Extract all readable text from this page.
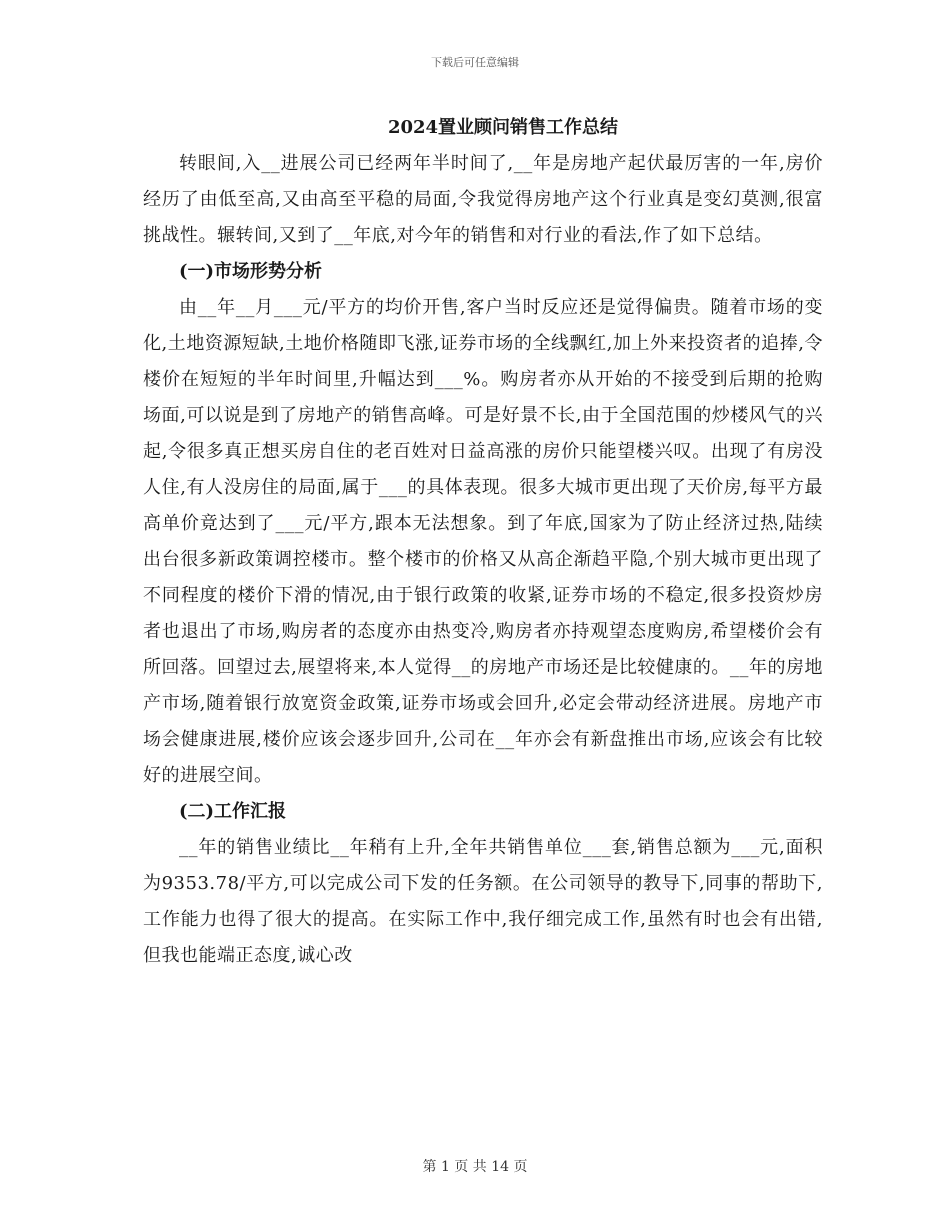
下载后可任意编辑
2024置业顾问销售工作总结

转眼间,入__进展公司已经两年半时间了,__年是房地产起伏最厉害的一年,房价经历了由低至高,又由高至平稳的局面,令我觉得房地产这个行业真是变幻莫测,很富挑战性。辗转间,又到了__年底,对今年的销售和对行业的看法,作了如下总结。

(一)市场形势分析

由__年__月___元/平方的均价开售,客户当时反应还是觉得偏贵。随着市场的变化,土地资源短缺,土地价格随即飞涨,证券市场的全线飘红,加上外来投资者的追捧,令楼价在短短的半年时间里,升幅达到___%。购房者亦从开始的不接受到后期的抢购场面,可以说是到了房地产的销售高峰。可是好景不长,由于全国范围的炒楼风气的兴起,令很多真正想买房自住的老百姓对日益高涨的房价只能望楼兴叹。出现了有房没人住,有人没房住的局面,属于___的具体表现。很多大城市更出现了天价房,每平方最高单价竟达到了___元/平方,跟本无法想象。到了年底,国家为了防止经济过热,陆续出台很多新政策调控楼市。整个楼市的价格又从高企渐趋平隐,个别大城市更出现了不同程度的楼价下滑的情况,由于银行政策的收紧,证券市场的不稳定,很多投资炒房者也退出了市场,购房者的态度亦由热变冷,购房者亦持观望态度购房,希望楼价会有所回落。回望过去,展望将来,本人觉得__的房地产市场还是比较健康的。__年的房地产市场,随着银行放宽资金政策,证券市场或会回升,必定会带动经济进展。房地产市场会健康进展,楼价应该会逐步回升,公司在__年亦会有新盘推出市场,应该会有比较好的进展空间。

(二)工作汇报

__年的销售业绩比__年稍有上升,全年共销售单位___套,销售总额为___元,面积为9353.78/平方,可以完成公司下发的任务额。在公司领导的教导下,同事的帮助下,工作能力也得了很大的提高。在实际工作中,我仔细完成工作,虽然有时也会有出错,但我也能端正态度,诚心改

第 1 页 共 14 页
